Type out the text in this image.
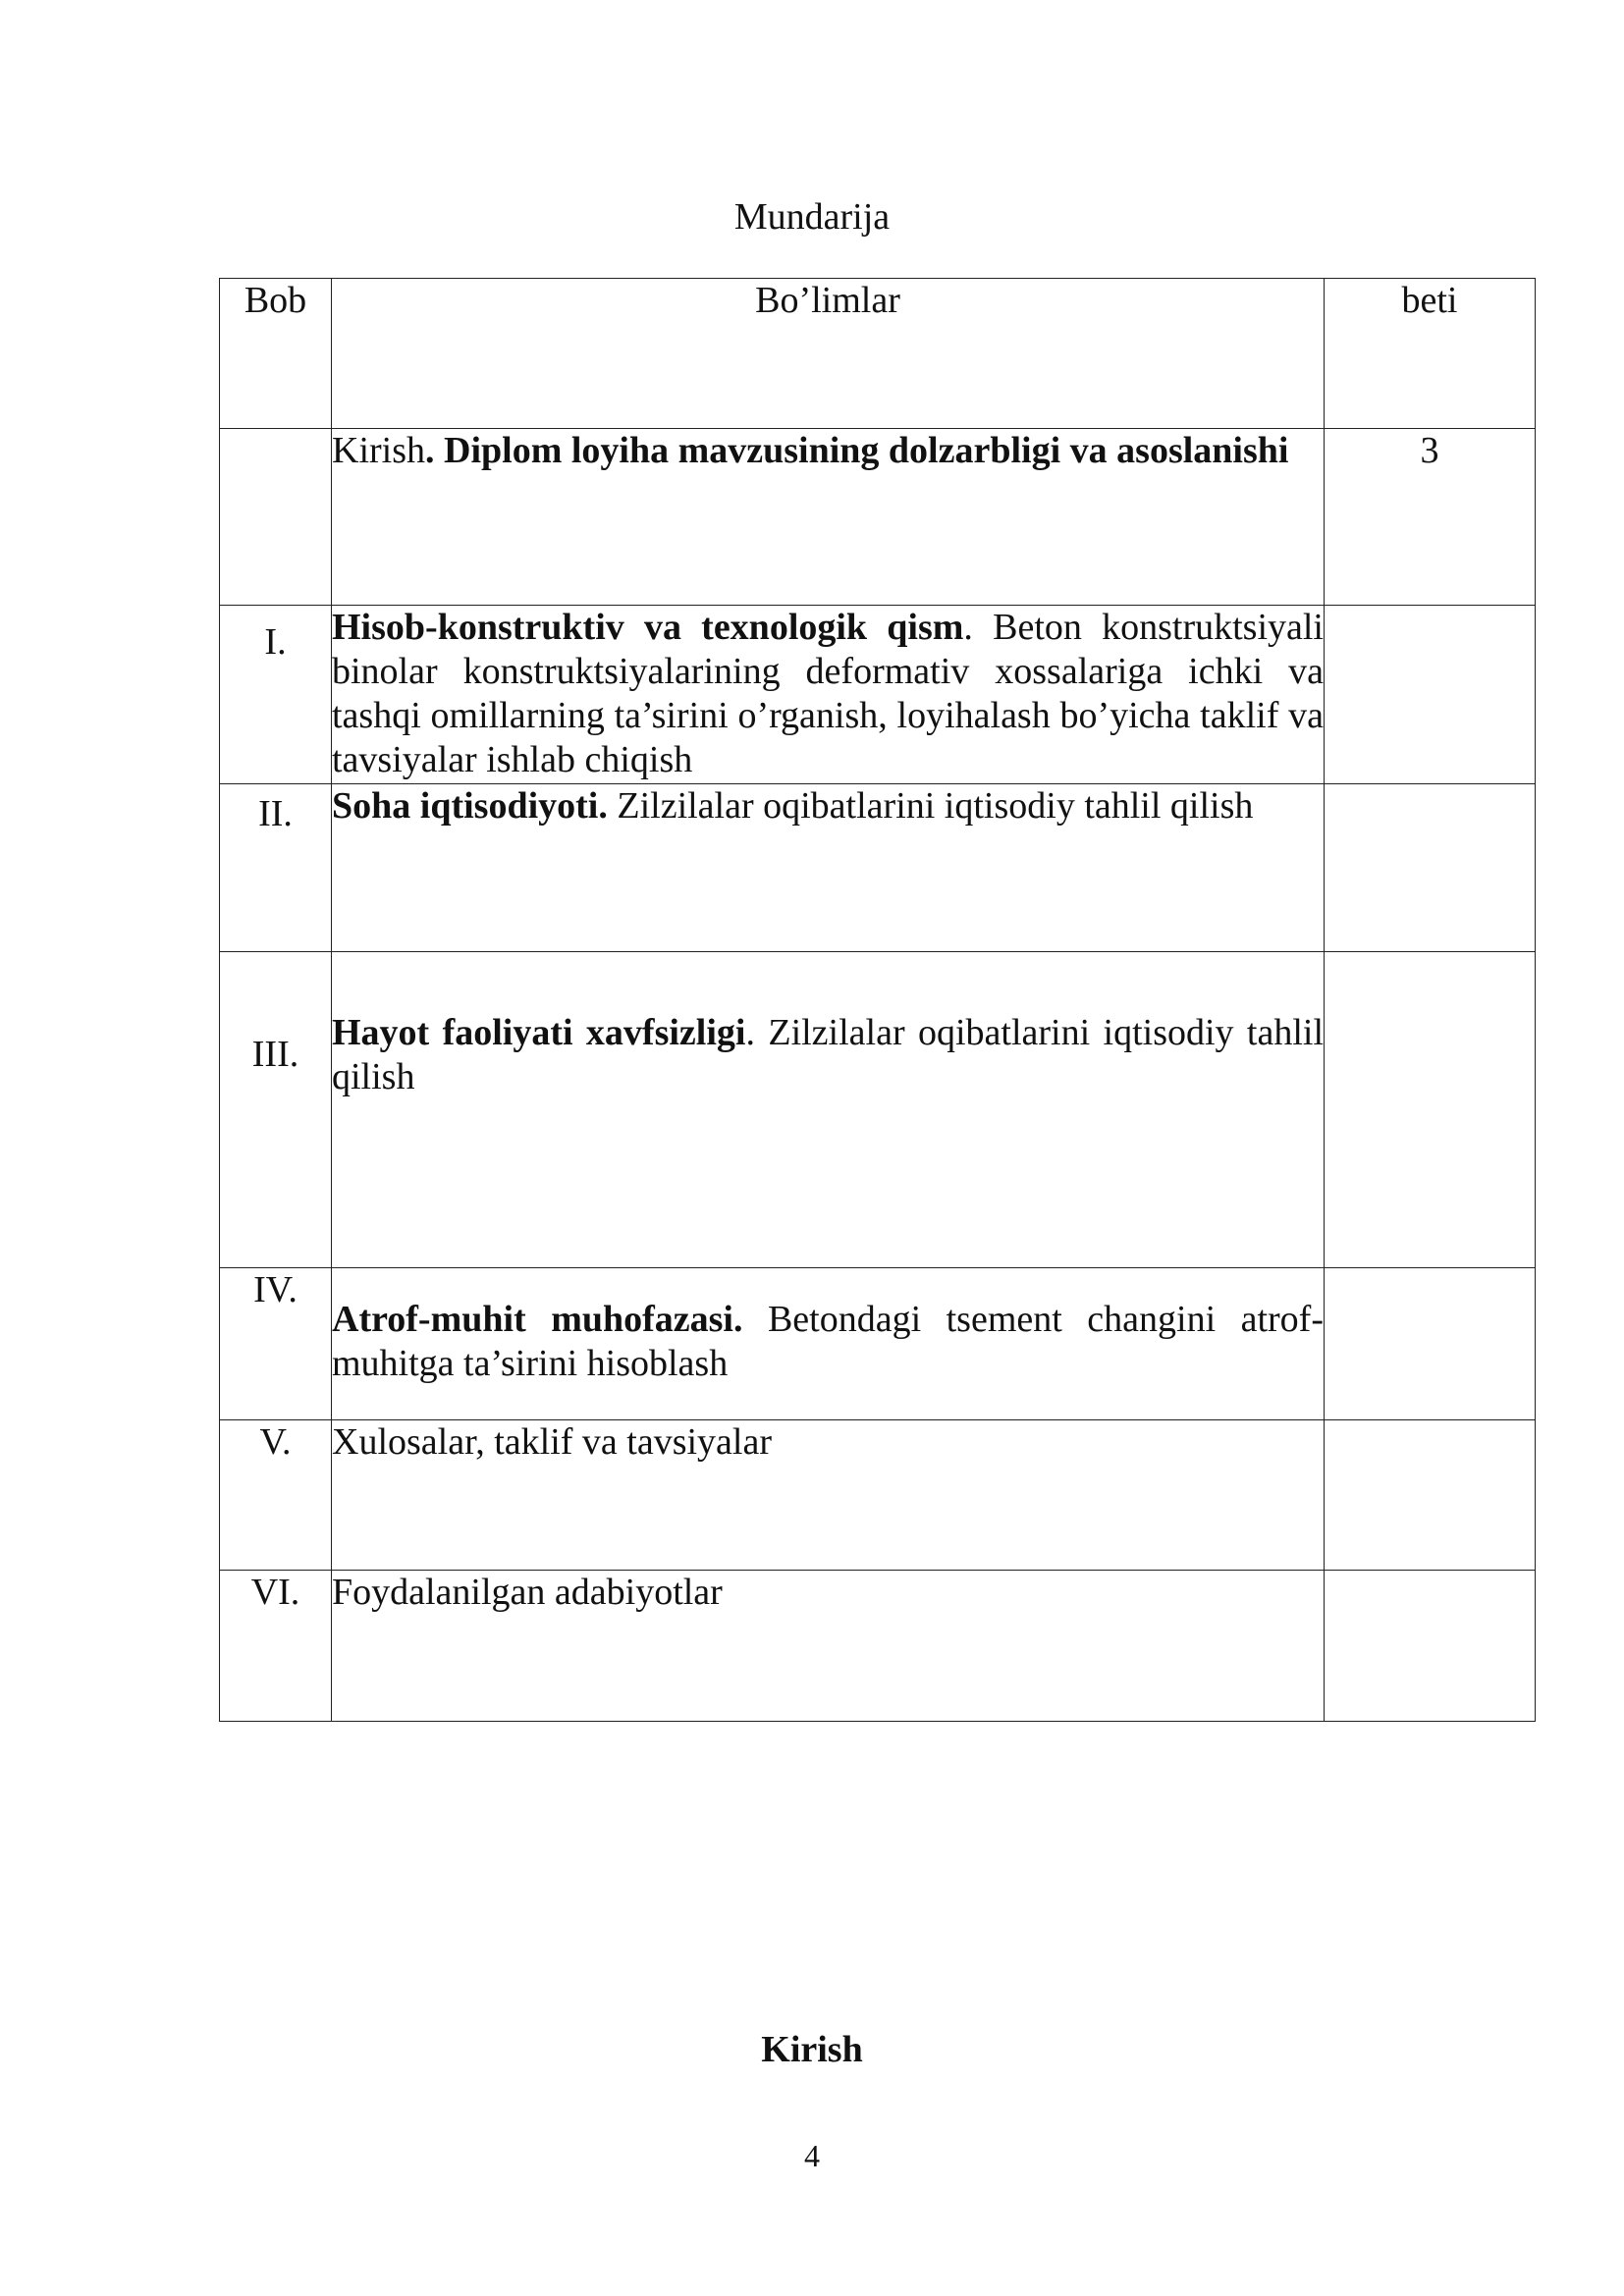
Mundarija
Bob	Bo’limlar	beti
	Kirish. Diplom loyiha mavzusining dolzarbligi va asoslanishi	3
I.	Hisob-konstruktiv va texnologik qism. Beton konstruktsiyali binolar konstruktsiyalarining deformativ xossalariga ichki va tashqi omillarning ta’sirini o’rganish, loyihalash bo’yicha taklif va tavsiyalar ishlab chiqish	
II.	Soha iqtisodiyoti. Zilzilalar oqibatlarini iqtisodiy tahlil qilish	
III.	Hayot faoliyati xavfsizligi. Zilzilalar oqibatlarini iqtisodiy tahlil qilish	
IV.	Atrof-muhit muhofazasi. Betondagi tsement changini atrof-muhitga ta’sirini hisoblash	
V.	Xulosalar, taklif va tavsiyalar	
VI.	Foydalanilgan adabiyotlar	
Kirish
4
